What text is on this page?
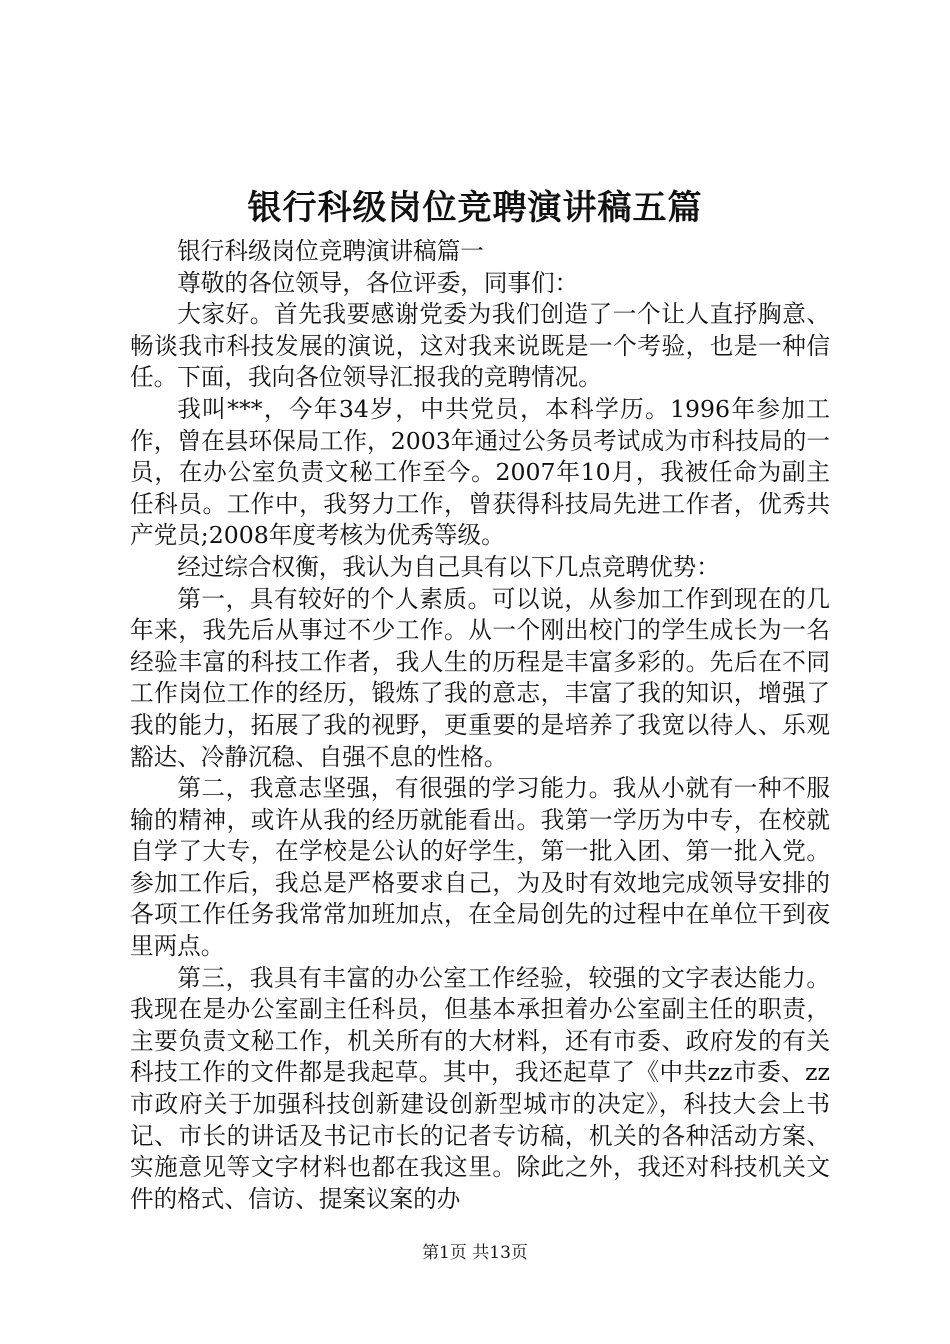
银行科级岗位竞聘演讲稿五篇

银行科级岗位竞聘演讲稿篇一

尊敬的各位领导，各位评委，同事们：

大家好。首先我要感谢党委为我们创造了一个让人直抒胸意、畅谈我市科技发展的演说，这对我来说既是一个考验，也是一种信任。下面，我向各位领导汇报我的竞聘情况。

我叫***，今年34岁，中共党员，本科学历。1996年参加工作，曾在县环保局工作，2003年通过公务员考试成为市科技局的一员，在办公室负责文秘工作至今。2007年10月，我被任命为副主任科员。工作中，我努力工作，曾获得科技局先进工作者，优秀共产党员;2008年度考核为优秀等级。

经过综合权衡，我认为自己具有以下几点竞聘优势：

第一，具有较好的个人素质。可以说，从参加工作到现在的几年来，我先后从事过不少工作。从一个刚出校门的学生成长为一名经验丰富的科技工作者，我人生的历程是丰富多彩的。先后在不同工作岗位工作的经历，锻炼了我的意志，丰富了我的知识，增强了我的能力，拓展了我的视野，更重要的是培养了我宽以待人、乐观豁达、冷静沉稳、自强不息的性格。

第二，我意志坚强，有很强的学习能力。我从小就有一种不服输的精神，或许从我的经历就能看出。我第一学历为中专，在校就自学了大专，在学校是公认的好学生，第一批入团、第一批入党。参加工作后，我总是严格要求自己，为及时有效地完成领导安排的各项工作任务我常常加班加点，在全局创先的过程中在单位干到夜里两点。

第三，我具有丰富的办公室工作经验，较强的文字表达能力。我现在是办公室副主任科员，但基本承担着办公室副主任的职责，主要负责文秘工作，机关所有的大材料，还有市委、政府发的有关科技工作的文件都是我起草。其中，我还起草了《中共zz市委、zz市政府关于加强科技创新建设创新型城市的决定》，科技大会上书记、市长的讲话及书记市长的记者专访稿，机关的各种活动方案、实施意见等文字材料也都在我这里。除此之外，我还对科技机关文件的格式、信访、提案议案的办

第1页 共13页
